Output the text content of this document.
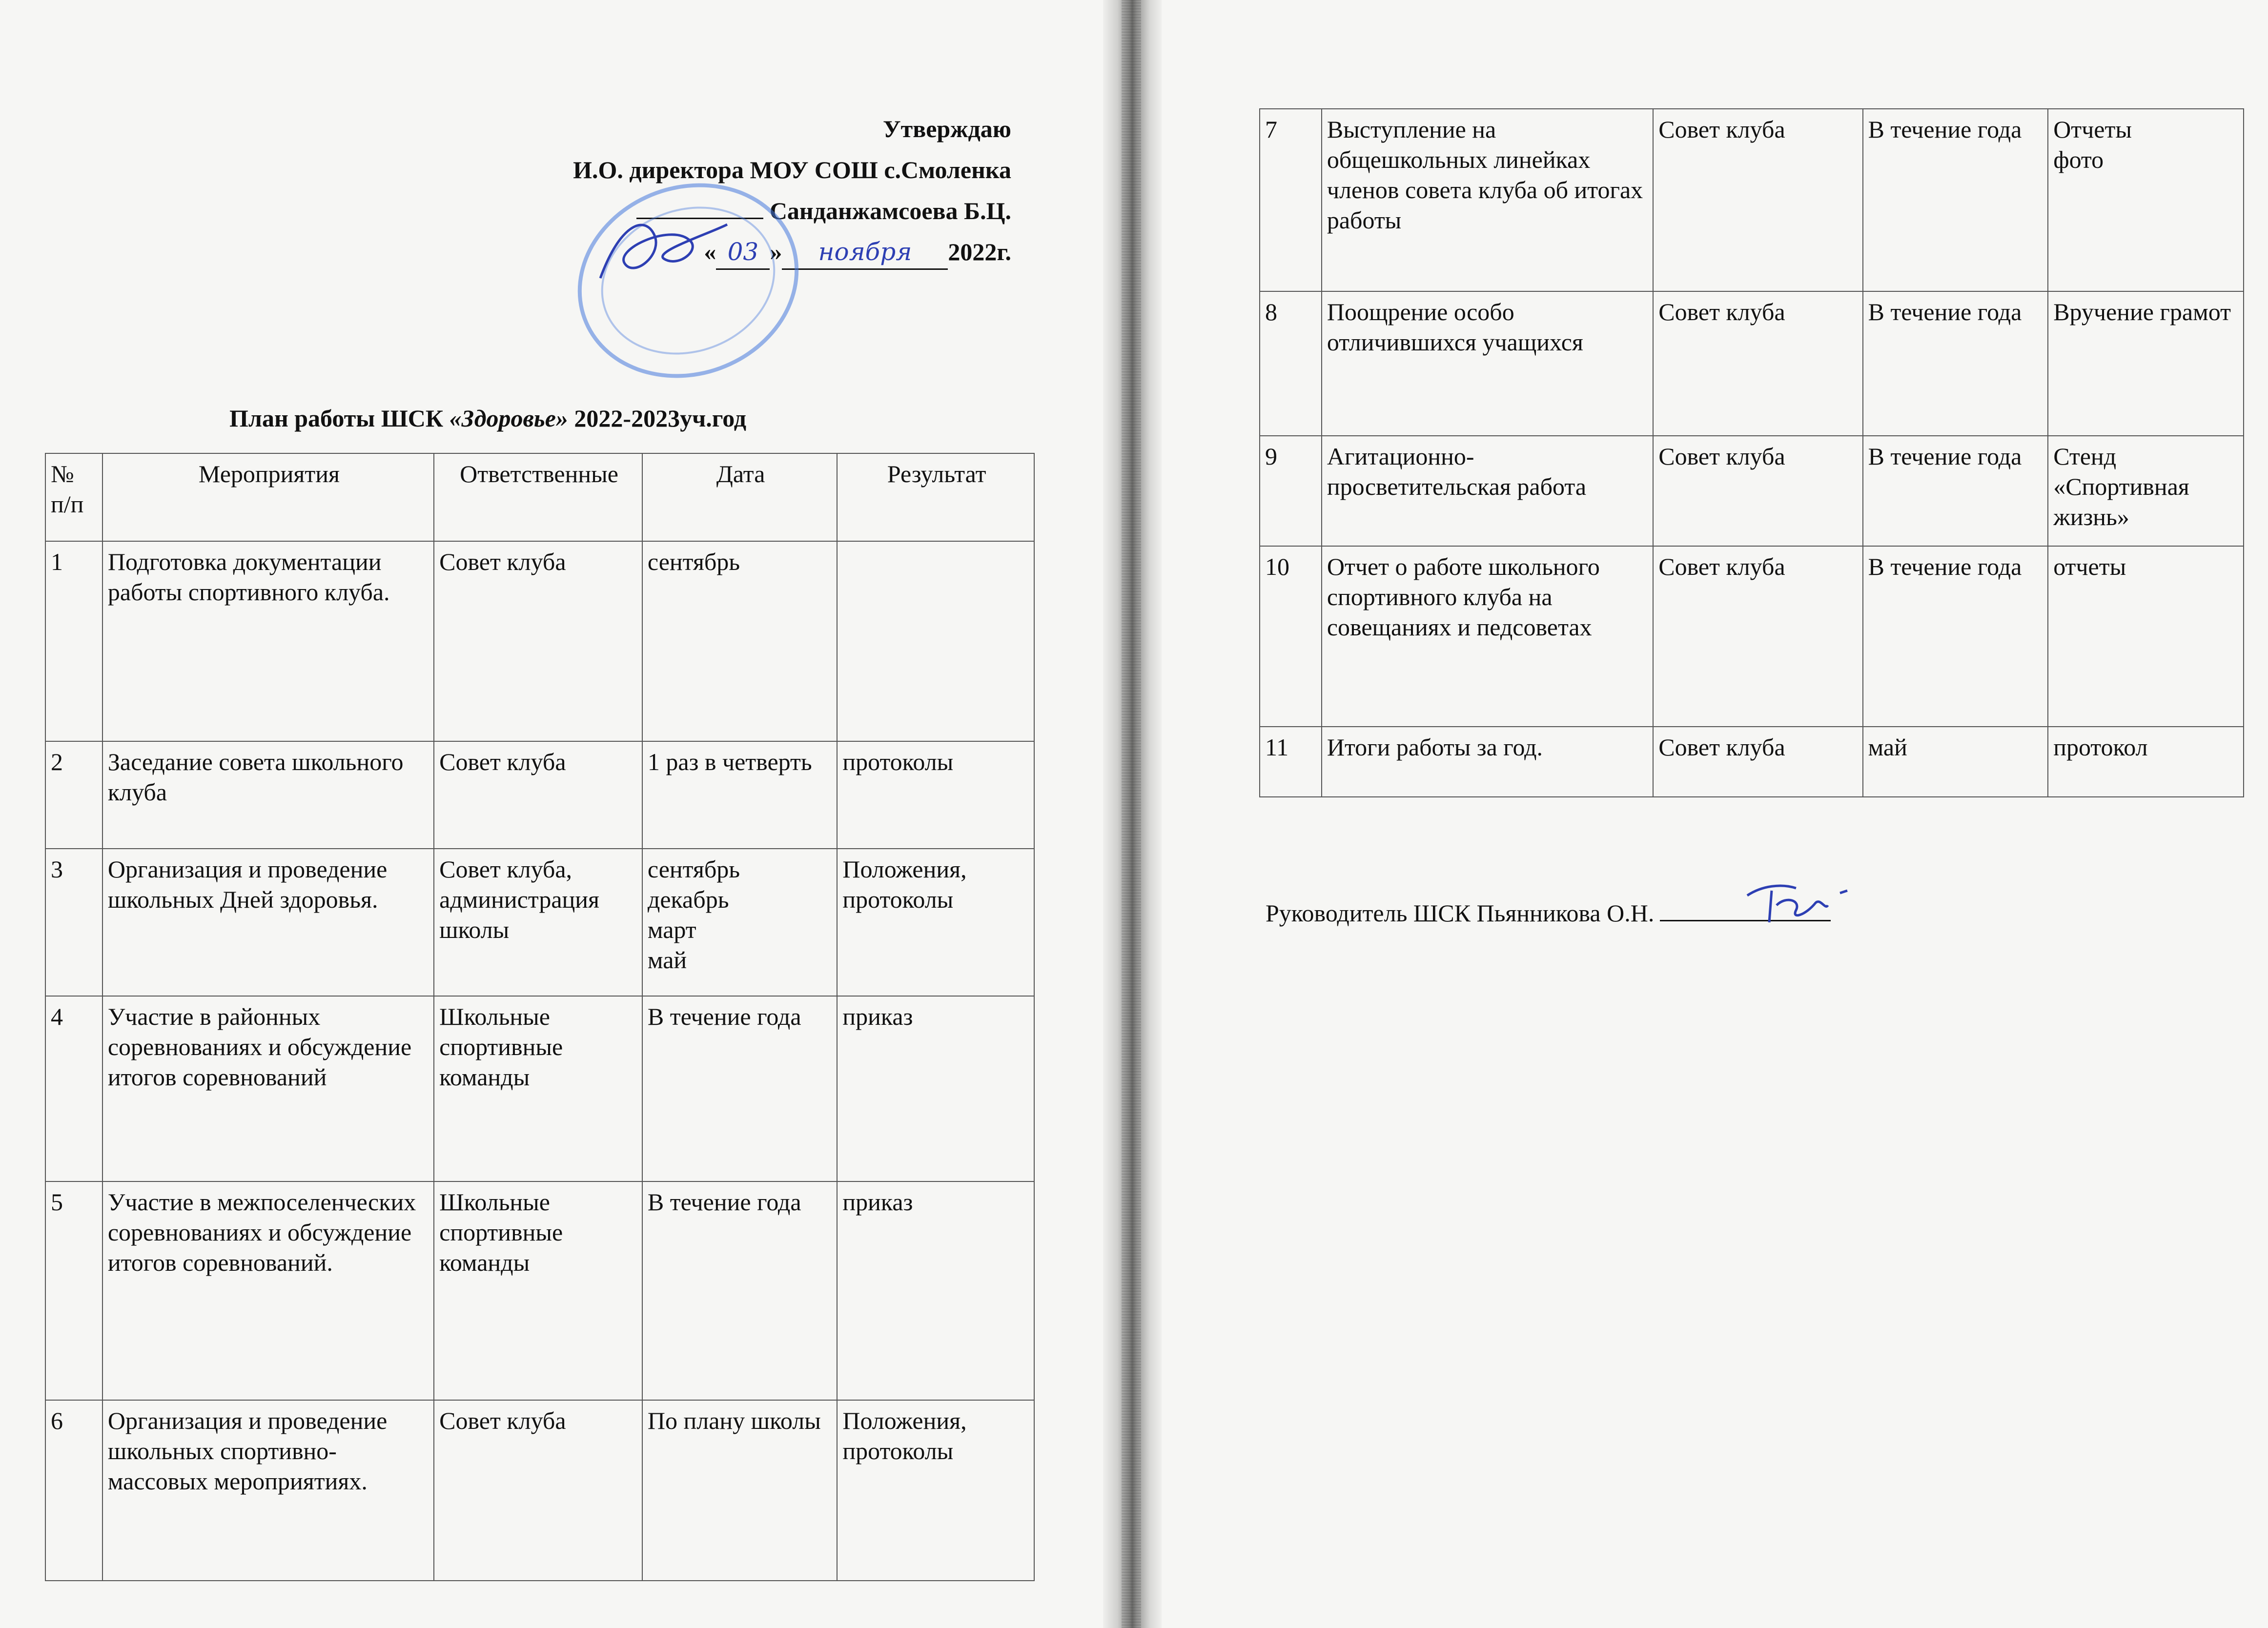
Утверждаю
И.О. директора МОУ СОШ с.Смоленка
Санданжамсоева Б.Ц.
« 03 » ноября 2022г.
План работы ШСК «Здоровье» 2022-2023уч.год
№
п/п	Мероприятия	Ответственные	Дата	Результат
1	Подготовка документации работы спортивного клуба.	Совет клуба	сентябрь	
2	Заседание совета школьного клуба	Совет клуба	1 раз в четверть	протоколы
3	Организация и проведение школьных Дней здоровья.	Совет клуба, администрация школы	сентябрь
декабрь
март
май	Положения, протоколы
4	Участие в районных соревнованиях и обсуждение итогов соревнований	Школьные спортивные команды	В течение года	приказ
5	Участие в межпоселенческих соревнованиях и обсуждение итогов соревнований.	Школьные спортивные команды	В течение года	приказ
6	Организация и проведение школьных спортивно-массовых мероприятиях.	Совет клуба	По плану школы	Положения, протоколы
7	Выступление на общешкольных линейках членов совета клуба об итогах работы	Совет клуба	В течение года	Отчеты
фото
8	Поощрение особо отличившихся учащихся	Совет клуба	В течение года	Вручение грамот
9	Агитационно-просветительская работа	Совет клуба	В течение года	Стенд «Спортивная жизнь»
10	Отчет о работе школьного спортивного клуба на совещаниях и педсоветах	Совет клуба	В течение года	отчеты
11	Итоги работы за год.	Совет клуба	май	протокол
Руководитель ШСК Пьянникова О.Н.
